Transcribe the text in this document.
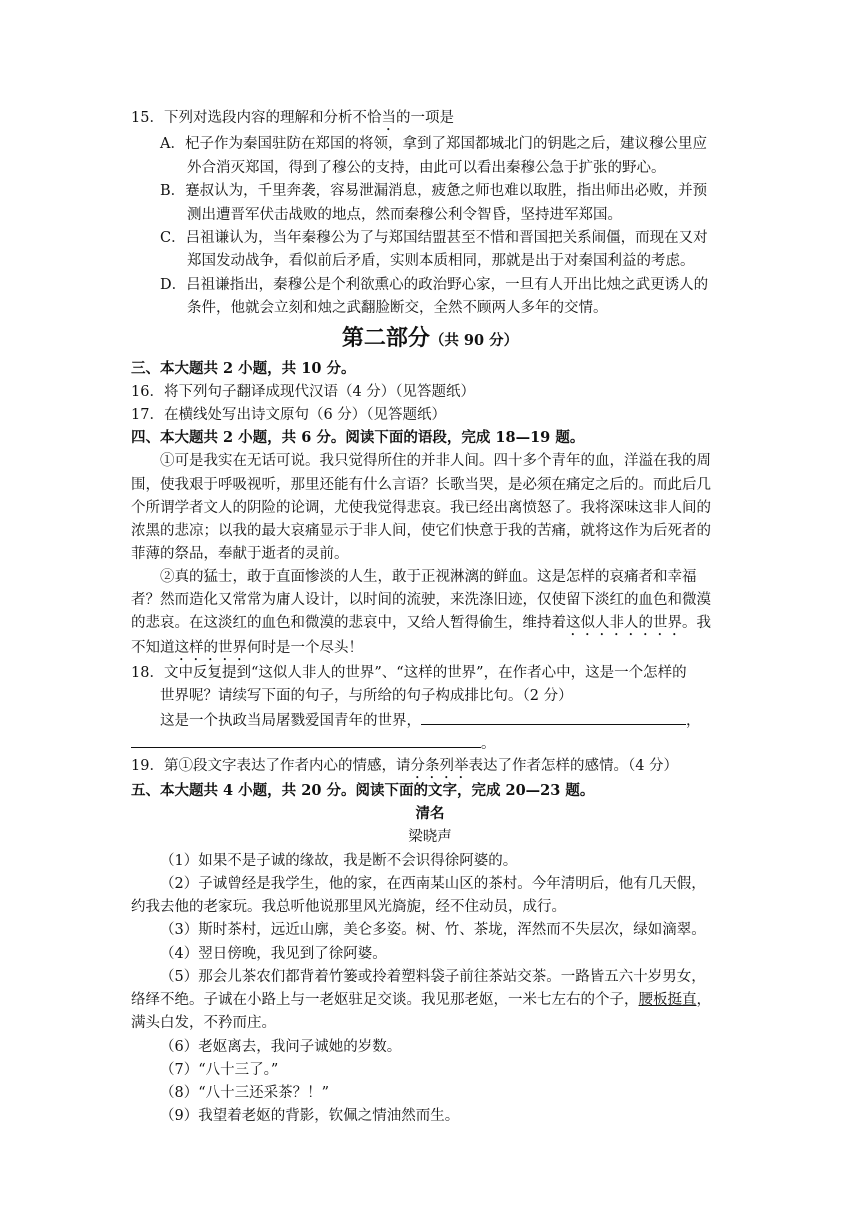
15．下列对选段内容的理解和分析不恰当的一项是
A．杞子作为秦国驻防在郑国的将领，拿到了郑国都城北门的钥匙之后，建议穆公里应
外合消灭郑国，得到了穆公的支持，由此可以看出秦穆公急于扩张的野心。
B．蹇叔认为，千里奔袭，容易泄漏消息，疲惫之师也难以取胜，指出师出必败，并预
测出遭晋军伏击战败的地点，然而秦穆公利令智昏，坚持进军郑国。
C．吕祖谦认为，当年秦穆公为了与郑国结盟甚至不惜和晋国把关系闹僵，而现在又对
郑国发动战争，看似前后矛盾，实则本质相同，那就是出于对秦国利益的考虑。
D．吕祖谦指出，秦穆公是个利欲熏心的政治野心家，一旦有人开出比烛之武更诱人的
条件，他就会立刻和烛之武翻脸断交，全然不顾两人多年的交情。
第二部分（共 90 分）
三、本大题共 2 小题，共 10 分。
16．将下列句子翻译成现代汉语（4 分）（见答题纸）
17．在横线处写出诗文原句（6 分）（见答题纸）
四、本大题共 2 小题，共 6 分。阅读下面的语段，完成 18—19 题。
①可是我实在无话可说。我只觉得所住的并非人间。四十多个青年的血，洋溢在我的周
围，使我艰于呼吸视听，那里还能有什么言语？长歌当哭，是必须在痛定之后的。而此后几
个所谓学者文人的阴险的论调，尤使我觉得悲哀。我已经出离愤怒了。我将深味这非人间的
浓黑的悲凉；以我的最大哀痛显示于非人间，使它们快意于我的苦痛，就将这作为后死者的
菲薄的祭品，奉献于逝者的灵前。
②真的猛士，敢于直面惨淡的人生，敢于正视淋漓的鲜血。这是怎样的哀痛者和幸福
者？然而造化又常常为庸人设计，以时间的流驶，来洗涤旧迹，仅使留下淡红的血色和微漠
的悲哀。在这淡红的血色和微漠的悲哀中，又给人暂得偷生，维持着这似人非人的世界。我
不知道这样的世界何时是一个尽头！
18．文中反复提到“这似人非人的世界”、“这样的世界”，在作者心中，这是一个怎样的
世界呢？请续写下面的句子，与所给的句子构成排比句。（2 分）
这是一个执政当局屠戮爱国青年的世界，	，
。
19．第①段文字表达了作者内心的情感，请分条列举表达了作者怎样的感情。（4 分）
五、本大题共 4 小题，共 20 分。阅读下面的文字，完成 20—23 题。
清名
梁晓声
（1）如果不是子诚的缘故，我是断不会识得徐阿婆的。
（2）子诚曾经是我学生，他的家，在西南某山区的茶村。今年清明后，他有几天假，
约我去他的老家玩。我总听他说那里风光旖旎，经不住动员，成行。
（3）斯时茶村，远近山廓，美仑多姿。树、竹、茶垅，浑然而不失层次，绿如滴翠。
（4）翌日傍晚，我见到了徐阿婆。
（5）那会儿茶农们都背着竹篓或拎着塑料袋子前往茶站交茶。一路皆五六十岁男女，
络绎不绝。子诚在小路上与一老妪驻足交谈。我见那老妪，一米七左右的个子，腰板挺直，
满头白发，不矜而庄。
（6）老妪离去，我问子诚她的岁数。
（7）“八十三了。”
（8）“八十三还采茶？！”
（9）我望着老妪的背影，钦佩之情油然而生。
